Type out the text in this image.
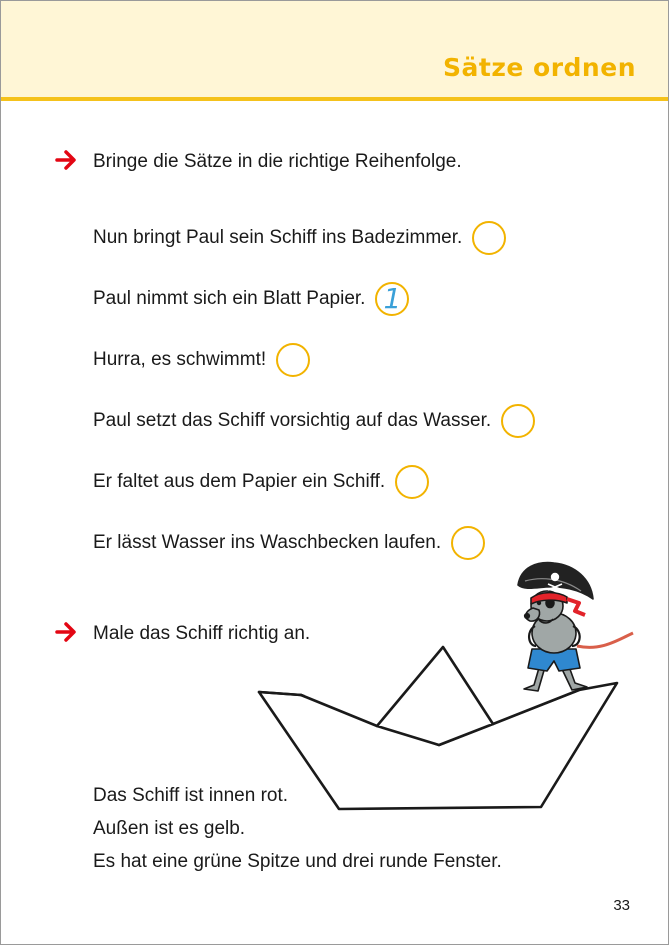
Sätze ordnen
Bringe die Sätze in die richtige Reihenfolge.
Nun bringt Paul sein Schiff ins Badezimmer.
Paul nimmt sich ein Blatt Papier. 1
Hurra, es schwimmt!
Paul setzt das Schiff vorsichtig auf das Wasser.
Er faltet aus dem Papier ein Schiff.
Er lässt Wasser ins Waschbecken laufen.
Male das Schiff richtig an.
Das Schiff ist innen rot.
Außen ist es gelb.
Es hat eine grüne Spitze und drei runde Fenster.
33
